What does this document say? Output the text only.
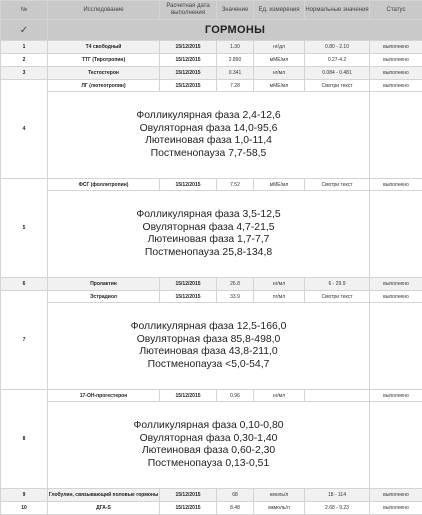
№	Исследование	Расчетная дата выполнения	Значение	Ед. измерения	Нормальные значения	Статус
✓	ГОРМОНЫ					
1	Т4 свободный	15/12/2015	1.30	нг/дл	0.80 - 2.10	выполнено
2	ТТГ (Тиротропин)	15/12/2015	2.890	мМЕ/мл	0.27-4.2	выполнено
3	Тестостерон	15/12/2015	0.341	нг/мл	0.084 - 0.481	выполнено
4	ЛГ (лютеотропин)	15/12/2015	7.28	мМЕ/мл	Смотри текст	выполнено

	Фолликулярная фаза 2,4-12,6
Овуляторная фаза 14,0-95,6
Лютеиновая фаза 1,0-11,4
Постменопауза 7,7-58,5					

5	ФСГ (фоллитропин)	15/12/2015	7.52	мМЕ/мл	Смотри текст	выполнено

	Фолликулярная фаза 3,5-12,5
Овуляторная фаза 4,7-21,5
Лютеиновая фаза 1,7-7,7
Постменопауза 25,8-134,8					

6	Пролактин	15/12/2015	26.8	нг/мл	6 - 29.9	выполнено
7	Эстрадиол	15/12/2015	33.9	пг/мл	Смотри текст	выполнено

	Фолликулярная фаза 12,5-166,0
Овуляторная фаза 85,8-498,0
Лютеиновая фаза 43,8-211,0
Постменопауза <5,0-54,7					

8	17-ОН-прогестерон	15/12/2015	0.96	нг/мл		выполнено

	Фолликулярная фаза 0,10-0,80
Овуляторная фаза 0,30-1,40
Лютеиновая фаза 0,60-2,30
Постменопауза 0,13-0,51					

9	Глобулин, связывающий половые гормоны	15/12/2015	68	нмоль/л	18 - 114	выполнено
10	ДГА-S	15/12/2015	8.48	мкмоль/л	2.68 - 9.23	выполнено
